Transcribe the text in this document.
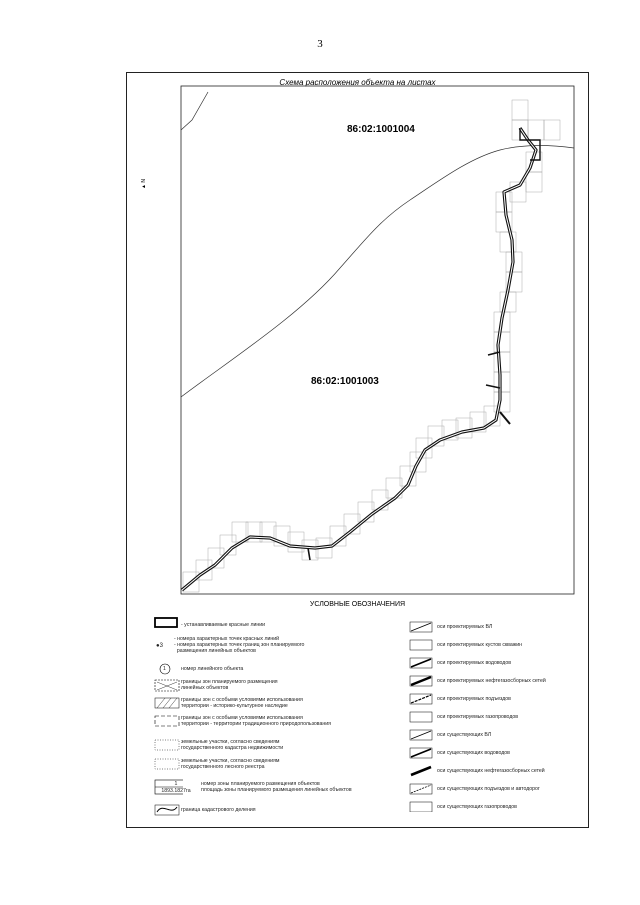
3
Схема расположения объекта на листах
▲ N
86:02:1001004
86:02:1001003
УСЛОВНЫЕ ОБОЗНАЧЕНИЯ
- устанавливаемые красные линии
●3
- номера характерных точек красных линий
- номера характерных точек границ зон планируемого
размещения линейных объектов
1	номер линейного объекта
границы зон планируемого размещения
линейных объектов
границы зон с особыми условиями использования
территории - историко-культурное наследие
границы зон с особыми условиями использования
территории - территории традиционного природопользования
земельные участки, согласно сведениям
государственного кадастра недвижимости
земельные участки, согласно сведениям
государственного лесного реестра
1
1893.1827га
номер зоны планируемого размещения объектов
площадь зоны планируемого размещения линейных объектов
граница кадастрового деления
оси проектируемых ВЛ
оси проектируемых кустов скважин
оси проектируемых водоводов
оси проектируемых нефтегазосборных сетей
оси проектируемых подъездов
оси проектируемых газопроводов
оси существующих ВЛ
оси существующих водоводов
оси существующих нефтегазосборных сетей
оси существующих подъездов и автодорог
оси существующих газопроводов
